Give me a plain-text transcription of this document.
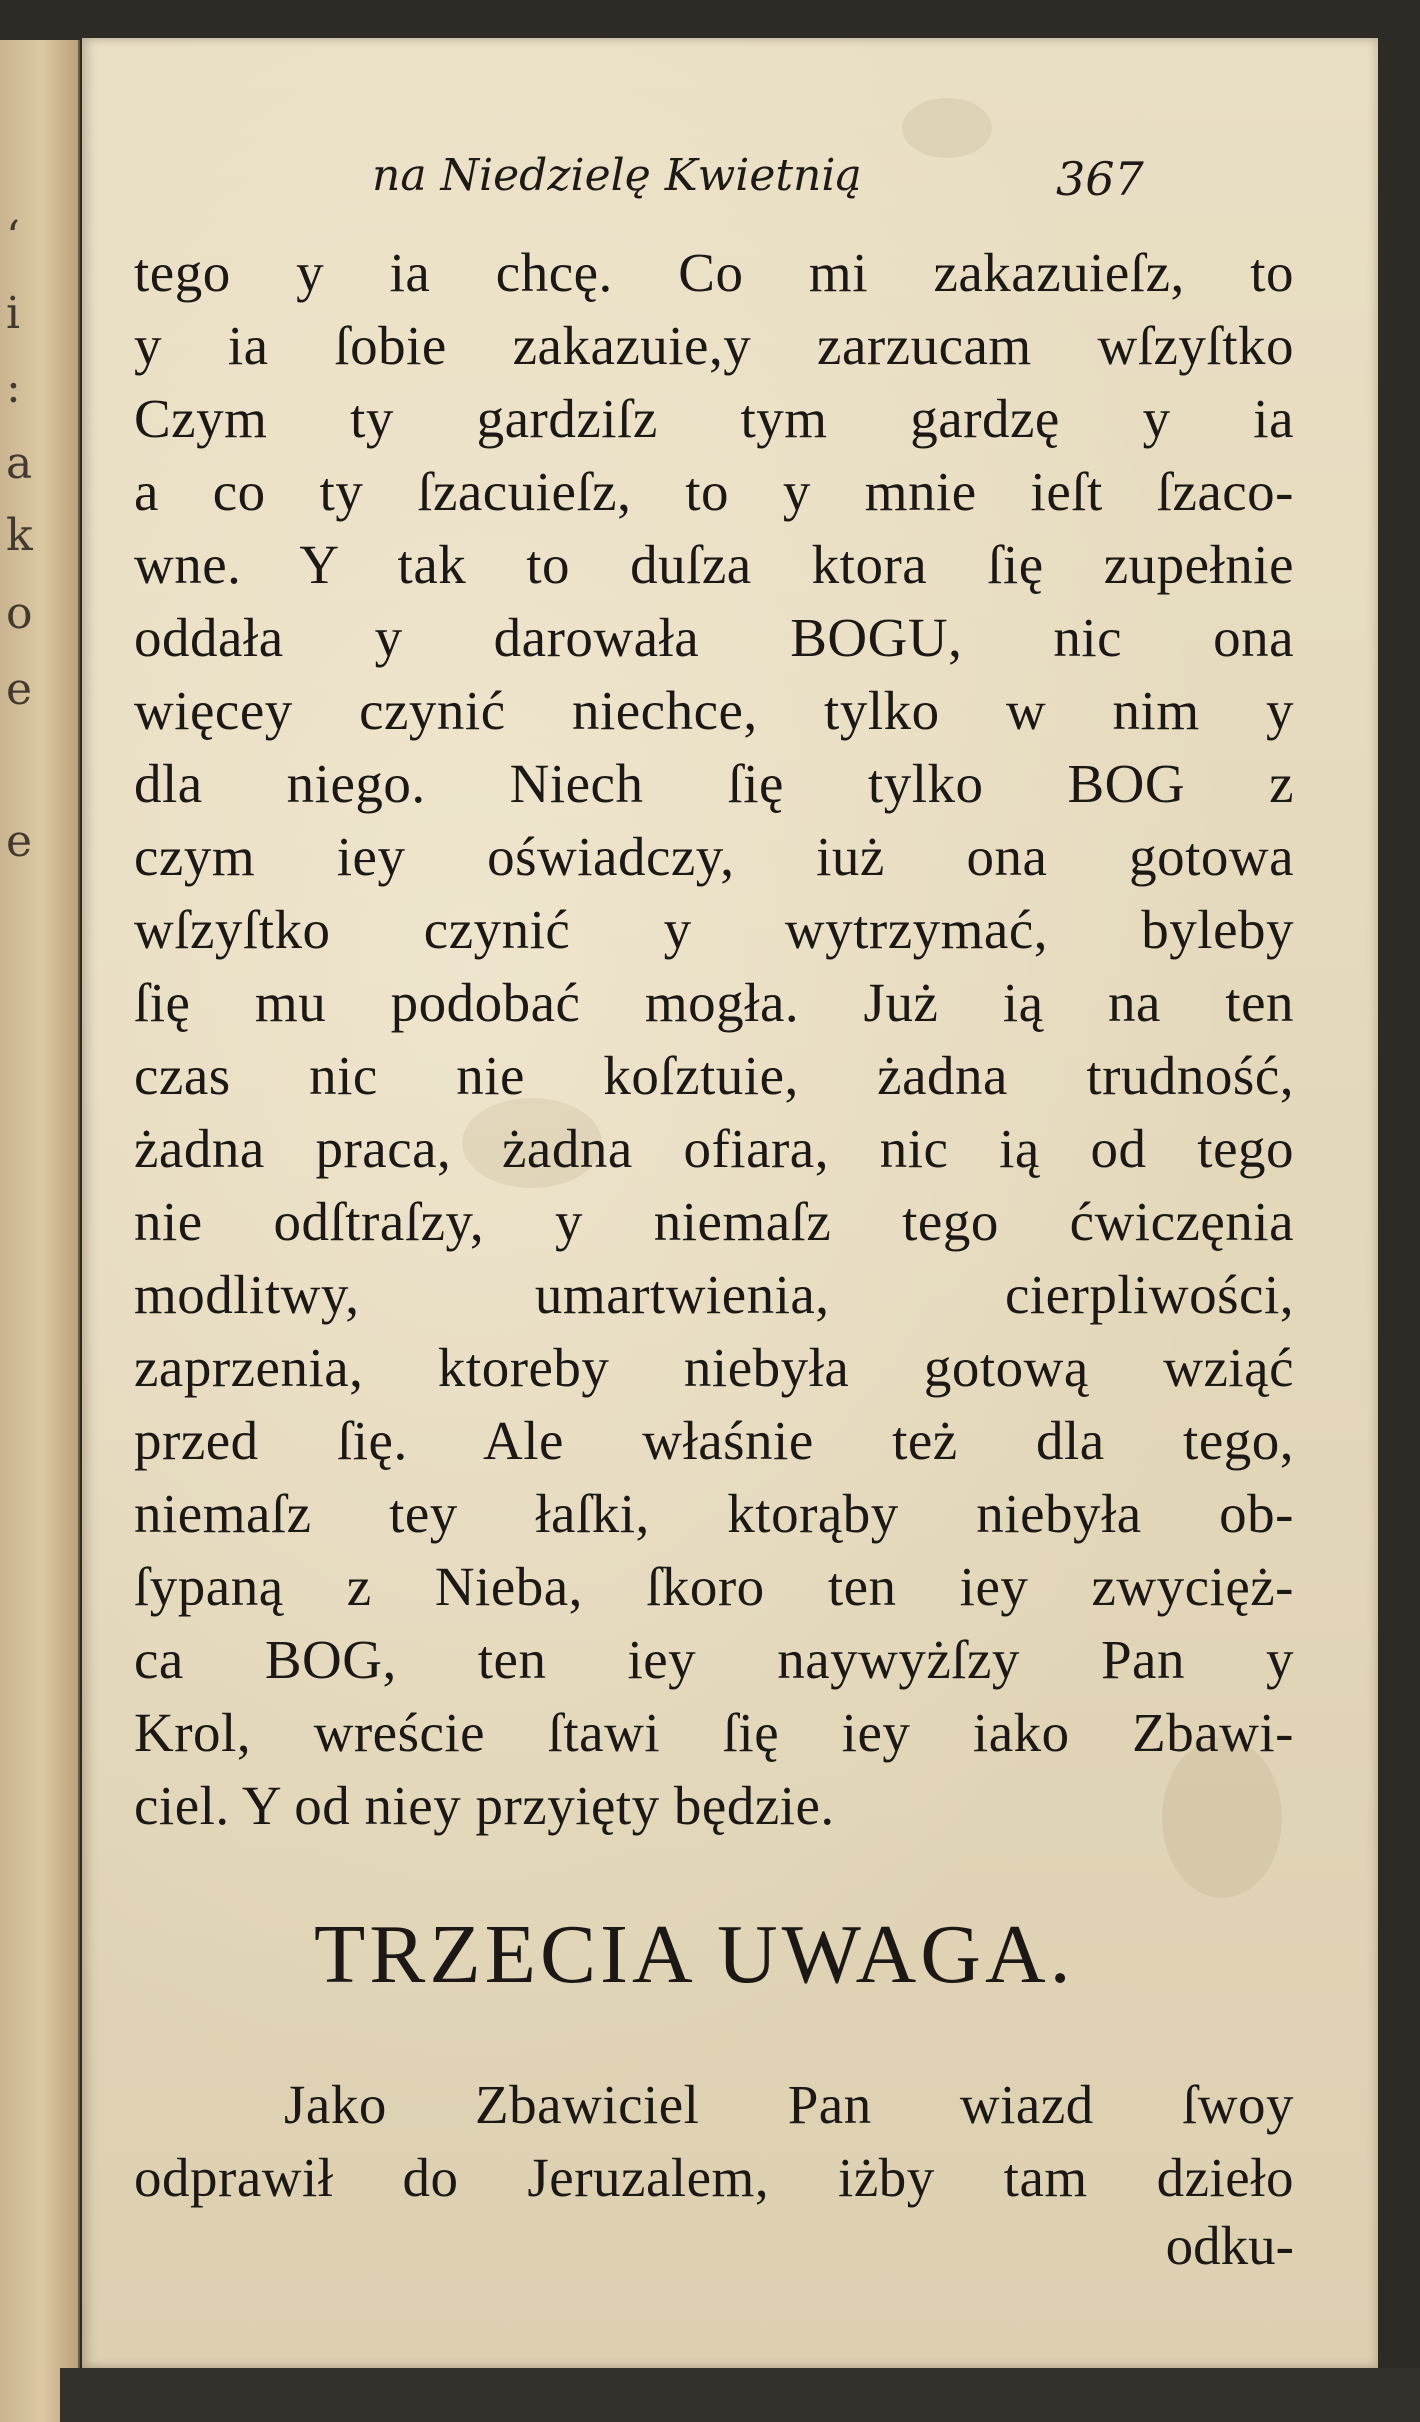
‘
i
:
a
k
o
e
e
na Niedzielę Kwietnią	367
tego y ia chcę. Co mi zakazuieſz, to
y ia ſobie zakazuie,y zarzucam wſzyſtko
Czym ty gardziſz tym gardzę y ia
a co ty ſzacuieſz, to y mnie ieſt ſzaco-
wne. Y tak to duſza ktora ſię zupełnie
oddała y darowała BOGU, nic ona
więcey czynić niechce, tylko w nim y
dla niego. Niech ſię tylko BOG z
czym iey oświadczy, iuż ona gotowa
wſzyſtko czynić y wytrzymać, byleby
ſię mu podobać mogła. Już ią na ten
czas nic nie koſztuie, żadna trudność,
żadna praca, żadna ofiara, nic ią od tego
nie odſtraſzy, y niemaſz tego ćwiczęnia
modlitwy, umartwienia, cierpliwości,
zaprzenia, ktoreby niebyła gotową wziąć
przed ſię. Ale właśnie też dla tego,
niemaſz tey łaſki, ktorąby niebyła ob-
ſypaną z Nieba, ſkoro ten iey zwycięż-
ca BOG, ten iey naywyżſzy Pan y
Krol, wreście ſtawi ſię iey iako Zbawi-
ciel. Y od niey przyięty będzie.
TRZECIA UWAGA.
Jako Zbawiciel Pan wiazd ſwoy
odprawił do Jeruzalem, iżby tam dzieło
odku-
